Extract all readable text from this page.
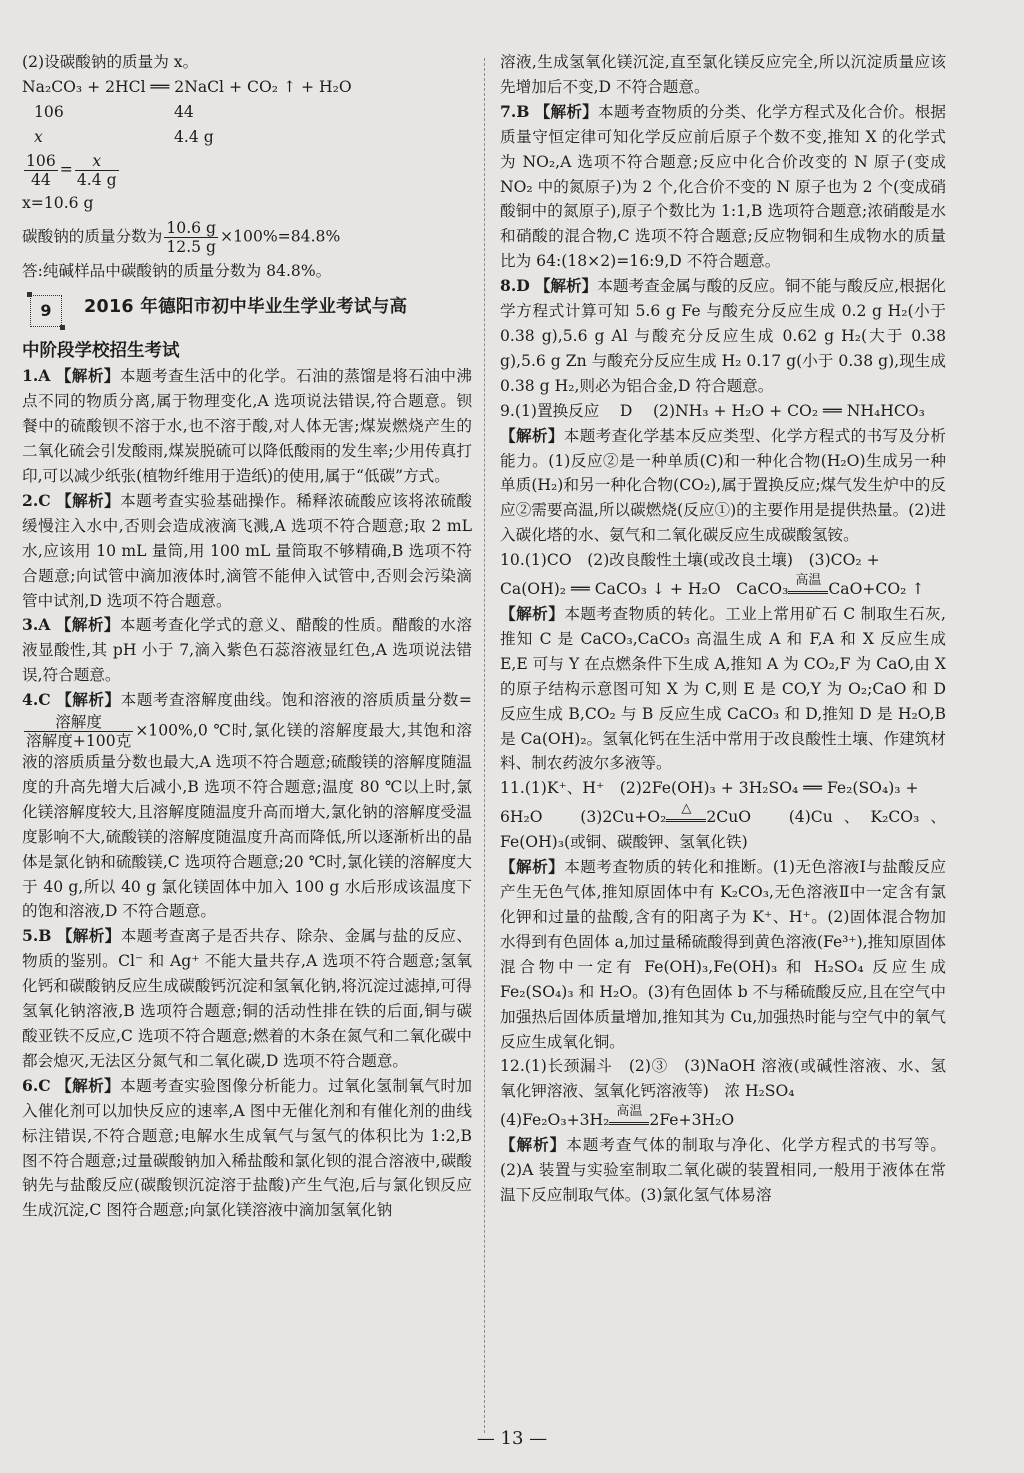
(2)设碳酸钠的质量为 x。

Na₂CO₃ + 2HCl ══ 2NaCl + CO₂ ↑ + H₂O

106	44
x	4.4 g

$\frac{106}{44} = \frac{x}{4.4 g}$

x=10.6 g

碳酸钠的质量分数为 $\frac{10.6 g}{12.5 g} \times 100\%=84.8\%$

答:纯碱样品中碳酸钠的质量分数为 84.8%。

9	2016 年德阳市初中毕业生学业考试与高
中阶段学校招生考试

1.A 【解析】本题考查生活中的化学。石油的蒸馏是将石油中沸点不同的物质分离,属于物理变化,A 选项说法错误,符合题意。钡餐中的硫酸钡不溶于水,也不溶于酸,对人体无害;煤炭燃烧产生的二氧化硫会引发酸雨,煤炭脱硫可以降低酸雨的发生率;少用传真打印,可以减少纸张(植物纤维用于造纸)的使用,属于“低碳”方式。

2.C 【解析】本题考查实验基础操作。稀释浓硫酸应该将浓硫酸缓慢注入水中,否则会造成液滴飞溅,A 选项不符合题意;取 2 mL 水,应该用 10 mL 量筒,用 100 mL 量筒取不够精确,B 选项不符合题意;向试管中滴加液体时,滴管不能伸入试管中,否则会污染滴管中试剂,D 选项不符合题意。

3.A 【解析】本题考查化学式的意义、醋酸的性质。醋酸的水溶液显酸性,其 pH 小于 7,滴入紫色石蕊溶液显红色,A 选项说法错误,符合题意。

4.C 【解析】本题考查溶解度曲线。饱和溶液的溶质质量分数=
$\frac{\text{溶解度}}{\text{溶解度+100克}} \times 100\%,0$ ℃时,氯化镁的溶解度最大,其饱和溶液的溶质质量分数也最大,A 选项不符合题意;硫酸镁的溶解度随温度的升高先增大后减小,B 选项不符合题意;温度 80 ℃以上时,氯化镁溶解度较大,且溶解度随温度升高而增大,氯化钠的溶解度受温度影响不大,硫酸镁的溶解度随温度升高而降低,所以逐渐析出的晶体是氯化钠和硫酸镁,C 选项符合题意;20 ℃时,氯化镁的溶解度大于 40 g,所以 40 g 氯化镁固体中加入 100 g 水后形成该温度下的饱和溶液,D 不符合题意。

5.B 【解析】本题考查离子是否共存、除杂、金属与盐的反应、物质的鉴别。Cl⁻ 和 Ag⁺ 不能大量共存,A 选项不符合题意;氢氧化钙和碳酸钠反应生成碳酸钙沉淀和氢氧化钠,将沉淀过滤掉,可得氢氧化钠溶液,B 选项符合题意;铜的活动性排在铁的后面,铜与碳酸亚铁不反应,C 选项不符合题意;燃着的木条在氮气和二氧化碳中都会熄灭,无法区分氮气和二氧化碳,D 选项不符合题意。

6.C 【解析】本题考查实验图像分析能力。过氧化氢制氧气时加入催化剂可以加快反应的速率,A 图中无催化剂和有催化剂的曲线标注错误,不符合题意;电解水生成氧气与氢气的体积比为 1:2,B 图不符合题意;过量碳酸钠加入稀盐酸和氯化钡的混合溶液中,碳酸钠先与盐酸反应(碳酸钡沉淀溶于盐酸)产生气泡,后与氯化钡反应生成沉淀,C 图符合题意;向氯化镁溶液中滴加氢氧化钠

溶液,生成氢氧化镁沉淀,直至氯化镁反应完全,所以沉淀质量应该先增加后不变,D 不符合题意。

7.B 【解析】本题考查物质的分类、化学方程式及化合价。根据质量守恒定律可知化学反应前后原子个数不变,推知 X 的化学式为 NO₂,A 选项不符合题意;反应中化合价改变的 N 原子(变成 NO₂ 中的氮原子)为 2 个,化合价不变的 N 原子也为 2 个(变成硝酸铜中的氮原子),原子个数比为 1:1,B 选项符合题意;浓硝酸是水和硝酸的混合物,C 选项不符合题意;反应物铜和生成物水的质量比为 64:(18×2)=16:9,D 不符合题意。

8.D 【解析】本题考查金属与酸的反应。铜不能与酸反应,根据化学方程式计算可知 5.6 g Fe 与酸充分反应生成 0.2 g H₂(小于 0.38 g),5.6 g Al 与酸充分反应生成 0.62 g H₂(大于 0.38 g),5.6 g Zn 与酸充分反应生成 H₂ 0.17 g(小于 0.38 g),现生成 0.38 g H₂,则必为铝合金,D 符合题意。

9.(1)置换反应　 D　 (2)NH₃ + H₂O + CO₂ ══ NH₄HCO₃

【解析】本题考查化学基本反应类型、化学方程式的书写及分析能力。(1)反应②是一种单质(C)和一种化合物(H₂O)生成另一种单质(H₂)和另一种化合物(CO₂),属于置换反应;煤气发生炉中的反应②需要高温,所以碳燃烧(反应①)的主要作用是提供热量。(2)进入碳化塔的水、氨气和二氧化碳反应生成碳酸氢铵。

10.(1)CO　(2)改良酸性土壤(或改良土壤)　(3)CO₂ +

Ca(OH)₂ ══ CaCO₃ ↓ + H₂O　CaCO₃ 高温 CaO+CO₂ ↑

【解析】本题考查物质的转化。工业上常用矿石 C 制取生石灰,推知 C 是 CaCO₃,CaCO₃ 高温生成 A 和 F,A 和 X 反应生成 E,E 可与 Y 在点燃条件下生成 A,推知 A 为 CO₂,F 为 CaO,由 X 的原子结构示意图可知 X 为 C,则 E 是 CO,Y 为 O₂;CaO 和 D 反应生成 B,CO₂ 与 B 反应生成 CaCO₃ 和 D,推知 D 是 H₂O,B 是 Ca(OH)₂。氢氧化钙在生活中常用于改良酸性土壤、作建筑材料、制农药波尔多液等。

11.(1)K⁺、H⁺　(2)2Fe(OH)₃ + 3H₂SO₄ ══ Fe₂(SO₄)₃ +

6H₂O　(3)2Cu+O₂	△ 2CuO　(4)Cu、K₂CO₃、Fe(OH)₃(或铜、碳酸钾、氢氧化铁)

【解析】本题考查物质的转化和推断。(1)无色溶液Ⅰ与盐酸反应产生无色气体,推知原固体中有 K₂CO₃,无色溶液Ⅱ中一定含有氯化钾和过量的盐酸,含有的阳离子为 K⁺、H⁺。(2)固体混合物加水得到有色固体 a,加过量稀硫酸得到黄色溶液(Fe³⁺),推知原固体混合物中一定有 Fe(OH)₃,Fe(OH)₃ 和 H₂SO₄ 反应生成 Fe₂(SO₄)₃ 和 H₂O。(3)有色固体 b 不与稀硫酸反应,且在空气中加强热后固体质量增加,推知其为 Cu,加强热时能与空气中的氧气反应生成氧化铜。

12.(1)长颈漏斗　(2)③　(3)NaOH 溶液(或碱性溶液、水、氢氧化钾溶液、氢氧化钙溶液等)　浓 H₂SO₄

(4)Fe₂O₃+3H₂ 高温 2Fe+3H₂O

【解析】本题考查气体的制取与净化、化学方程式的书写等。(2)A 装置与实验室制取二氧化碳的装置相同,一般用于液体在常温下反应制取气体。(3)氯化氢气体易溶

— 13 —
